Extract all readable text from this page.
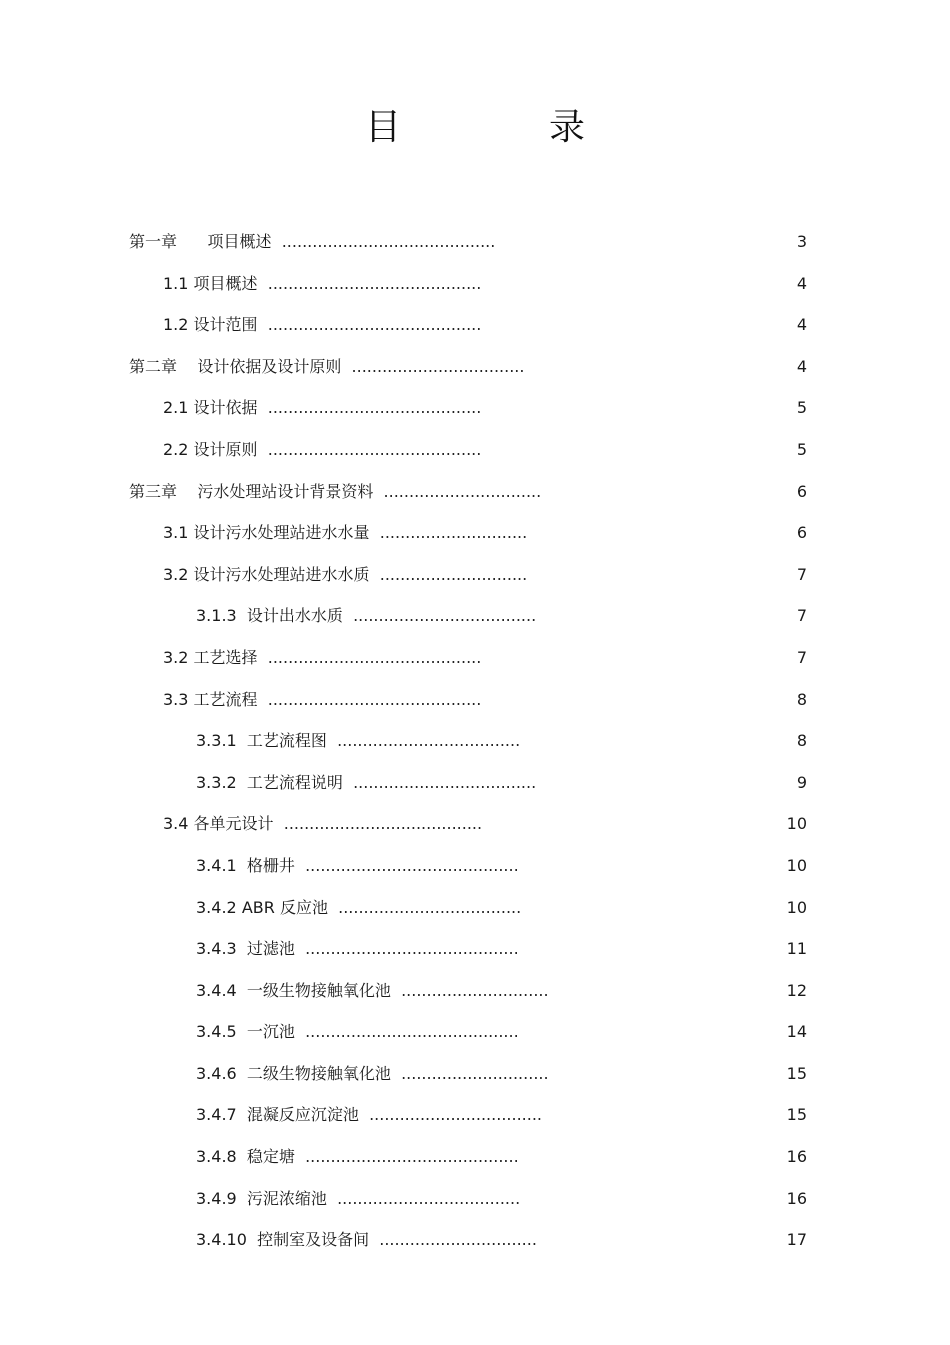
目　录
第一章 项目概述 ..........................................	3
1.1 项目概述 ..........................................	4
1.2 设计范围 ..........................................	4
第二章 设计依据及设计原则 ..................................	4
2.1 设计依据 ..........................................	5
2.2 设计原则 ..........................................	5
第三章 污水处理站设计背景资料 ...............................	6
3.1 设计污水处理站进水水量 .............................	6
3.2 设计污水处理站进水水质 .............................	7
3.1.3 设计出水水质 ....................................	7
3.2 工艺选择 ..........................................	7
3.3 工艺流程 ..........................................	8
3.3.1 工艺流程图 ....................................	8
3.3.2 工艺流程说明 ....................................	9
3.4 各单元设计 .......................................	10
3.4.1 格栅井 ..........................................	10
3.4.2 ABR 反应池 ....................................	10
3.4.3 过滤池 ..........................................	11
3.4.4 一级生物接触氧化池 .............................	12
3.4.5 一沉池 ..........................................	14
3.4.6 二级生物接触氧化池 .............................	15
3.4.7 混凝反应沉淀池 ..................................	15
3.4.8 稳定塘 ..........................................	16
3.4.9 污泥浓缩池 ....................................	16
3.4.10 控制室及设备间 ...............................	17
